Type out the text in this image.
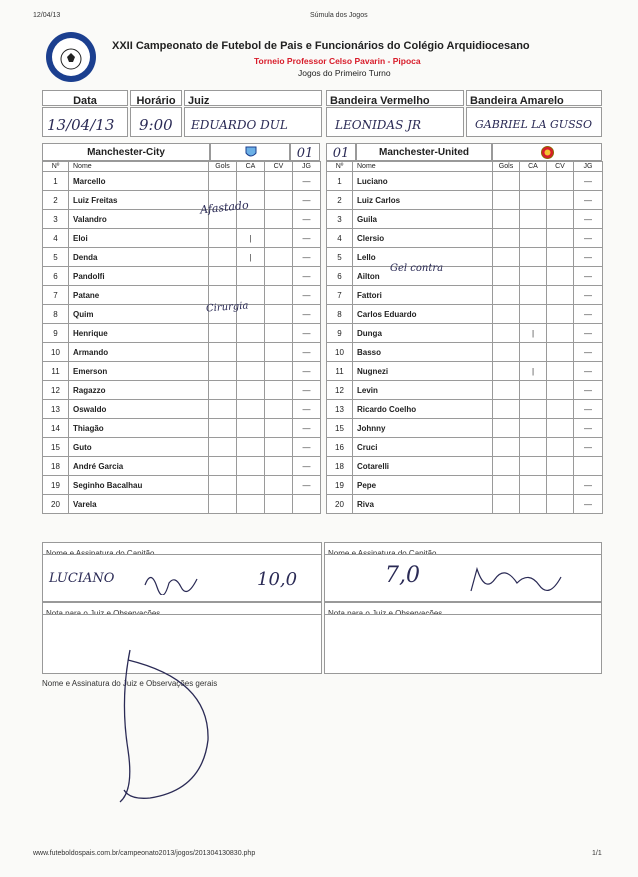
12/04/13	Súmula dos Jogos
XXII Campeonato de Futebol de Pais e Funcionários do Colégio Arquidiocesano
Torneio Professor Celso Pavarin - Pipoca
Jogos do Primeiro Turno
Data	Horário	Juiz	Bandeira Vermelho	Bandeira Amarelo
13/04/13 9:00 EDUARDO DUL	LEONIDAS JR	GABRIEL LA GUSSO
Manchester-City	01	01	Manchester-United
Nº	Nome	Gols	CA	CV	JG
1	Marcello				—
2	Luiz Freitas				—
3	Valandro				—
4	Eloi		|		—
5	Denda		|		—
6	Pandolfi				—
7	Patane				—
8	Quim				—
9	Henrique				—
10	Armando				—
11	Emerson				—
12	Ragazzo				—
13	Oswaldo				—
14	Thiagão				—
15	Guto				—
18	André Garcia				—
19	Seginho Bacalhau				—
20	Varela				
Nº	Nome	Gols	CA	CV	JG
1	Luciano				—
2	Luiz Carlos				—
3	Guila				—
4	Clersio				—
5	Lello				—
6	Ailton				—
7	Fattori				—
8	Carlos Eduardo				—
9	Dunga		|		—
10	Basso				—
11	Nugnezi		|		—
12	Levin				—
13	Ricardo Coelho				—
15	Johnny				—
16	Cruci				—
18	Cotarelli				
19	Pepe				—
20	Riva				—
Afastado
Cirurgia
Gel contra
LUCIANO	10,0	7,0
Nome e Assinatura do Juiz e Observações gerais
www.futeboldospais.com.br/campeonato2013/jogos/201304130830.php	1/1
